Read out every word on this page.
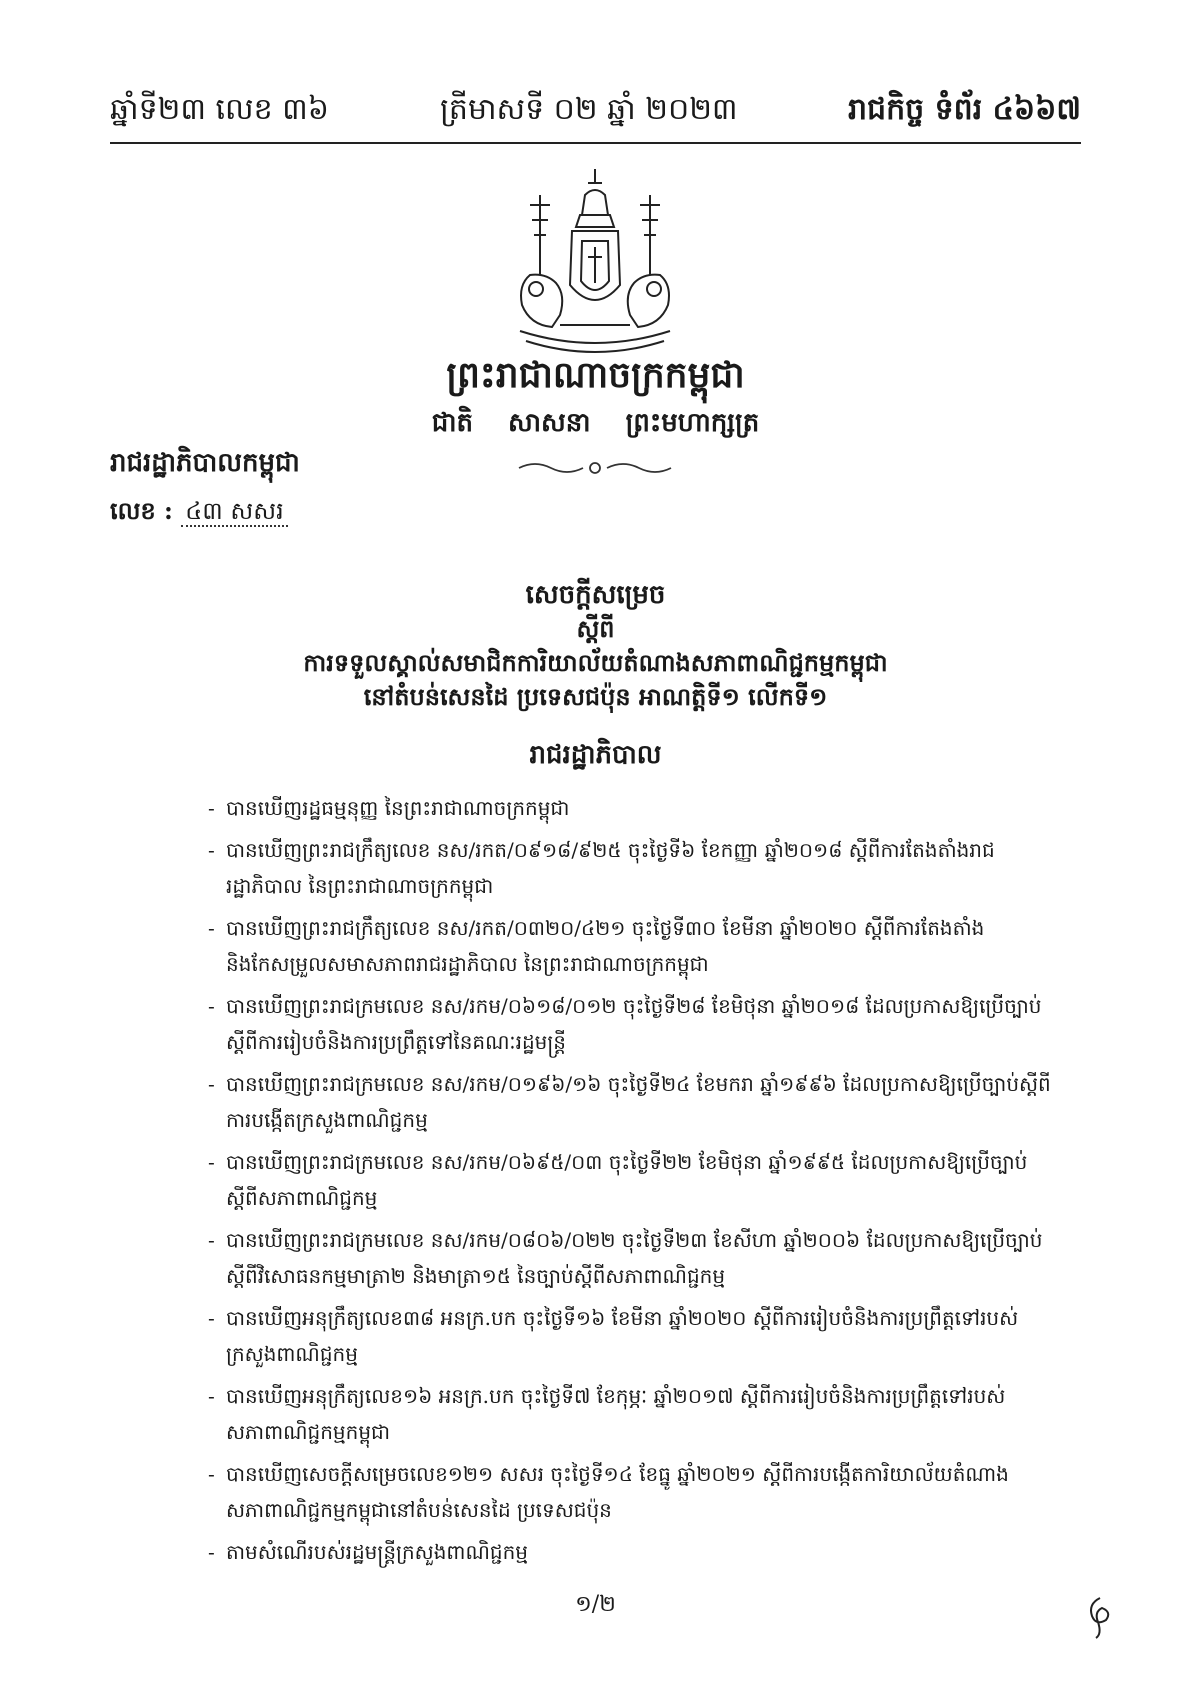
ឆ្នាំទី២៣ លេខ ៣៦	ត្រីមាសទី ០២ ឆ្នាំ ២០២៣	រាជកិច្ច ទំព័រ ៤៦៦៧
ព្រះរាជាណាចក្រកម្ពុជា
ជាតិ សាសនា ព្រះមហាក្សត្រ
រាជរដ្ឋាភិបាលកម្ពុជា
លេខ : ៤៣ សសរ
សេចក្តីសម្រេច
ស្តីពី
ការទទួលស្គាល់សមាជិកការិយាល័យតំណាងសភាពាណិជ្ជកម្មកម្ពុជា
នៅតំបន់សេនដៃ ប្រទេសជប៉ុន អាណត្តិទី១ លើកទី១
រាជរដ្ឋាភិបាល
- បានឃើញរដ្ឋធម្មនុញ្ញ នៃព្រះរាជាណាចក្រកម្ពុជា
- បានឃើញព្រះរាជក្រឹត្យលេខ នស/រកត/០៩១៨/៩២៥ ចុះថ្ងៃទី៦ ខែកញ្ញា ឆ្នាំ២០១៨ ស្តីពីការតែងតាំងរាជរដ្ឋាភិបាល នៃព្រះរាជាណាចក្រកម្ពុជា
- បានឃើញព្រះរាជក្រឹត្យលេខ នស/រកត/០៣២០/៤២១ ចុះថ្ងៃទី៣០ ខែមីនា ឆ្នាំ២០២០ ស្តីពីការតែងតាំង និងកែសម្រួលសមាសភាពរាជរដ្ឋាភិបាល នៃព្រះរាជាណាចក្រកម្ពុជា
- បានឃើញព្រះរាជក្រមលេខ នស/រកម/០៦១៨/០១២ ចុះថ្ងៃទី២៨ ខែមិថុនា ឆ្នាំ២០១៨ ដែលប្រកាសឱ្យប្រើច្បាប់ស្តីពីការរៀបចំនិងការប្រព្រឹត្តទៅនៃគណៈរដ្ឋមន្ត្រី
- បានឃើញព្រះរាជក្រមលេខ នស/រកម/០១៩៦/១៦ ចុះថ្ងៃទី២៤ ខែមករា ឆ្នាំ១៩៩៦ ដែលប្រកាសឱ្យប្រើច្បាប់ស្តីពីការបង្កើតក្រសួងពាណិជ្ជកម្ម
- បានឃើញព្រះរាជក្រមលេខ នស/រកម/០៦៩៥/០៣ ចុះថ្ងៃទី២២ ខែមិថុនា ឆ្នាំ១៩៩៥ ដែលប្រកាសឱ្យប្រើច្បាប់ស្តីពីសភាពាណិជ្ជកម្ម
- បានឃើញព្រះរាជក្រមលេខ នស/រកម/០៨០៦/០២២ ចុះថ្ងៃទី២៣ ខែសីហា ឆ្នាំ២០០៦ ដែលប្រកាសឱ្យប្រើច្បាប់ស្តីពីវិសោធនកម្មមាត្រា២ និងមាត្រា១៥ នៃច្បាប់ស្តីពីសភាពាណិជ្ជកម្ម
- បានឃើញអនុក្រឹត្យលេខ៣៨ អនក្រ.បក ចុះថ្ងៃទី១៦ ខែមីនា ឆ្នាំ២០២០ ស្តីពីការរៀបចំនិងការប្រព្រឹត្តទៅរបស់ក្រសួងពាណិជ្ជកម្ម
- បានឃើញអនុក្រឹត្យលេខ១៦ អនក្រ.បក ចុះថ្ងៃទី៧ ខែកុម្ភៈ ឆ្នាំ២០១៧ ស្តីពីការរៀបចំនិងការប្រព្រឹត្តទៅរបស់សភាពាណិជ្ជកម្មកម្ពុជា
- បានឃើញសេចក្តីសម្រេចលេខ១២១ សសរ ចុះថ្ងៃទី១៤ ខែធ្នូ ឆ្នាំ២០២១ ស្តីពីការបង្កើតការិយាល័យតំណាងសភាពាណិជ្ជកម្មកម្ពុជានៅតំបន់សេនដៃ ប្រទេសជប៉ុន
- តាមសំណើរបស់រដ្ឋមន្ត្រីក្រសួងពាណិជ្ជកម្ម
១/២
